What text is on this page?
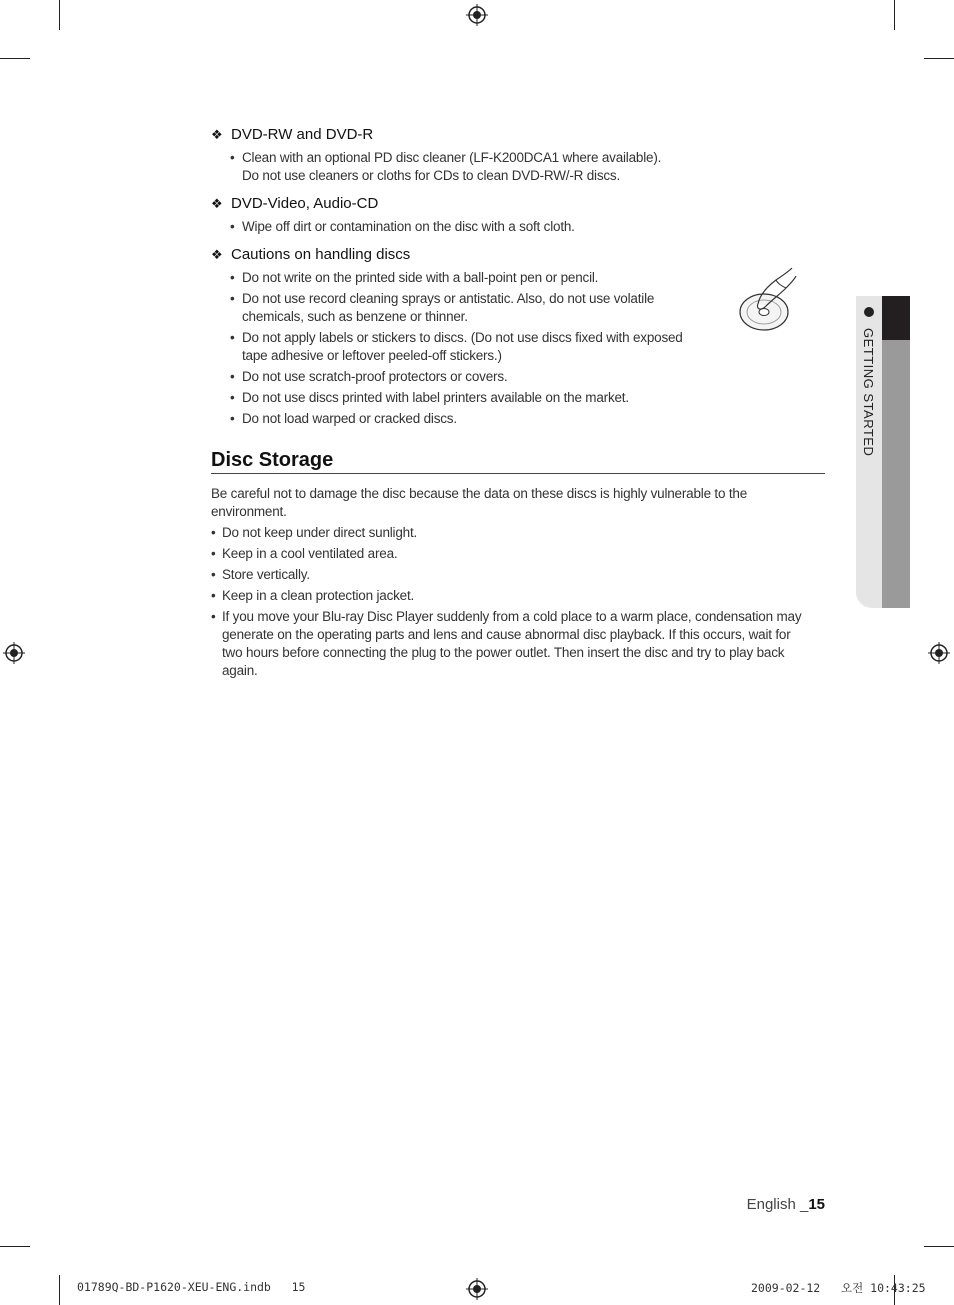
GETTING STARTED

❖ DVD-RW and DVD-R

• Clean with an optional PD disc cleaner (LF-K200DCA1 where available).
Do not use cleaners or cloths for CDs to clean DVD-RW/-R discs.

❖ DVD-Video, Audio-CD

• Wipe off dirt or contamination on the disc with a soft cloth.

❖ Cautions on handling discs

• Do not write on the printed side with a ball-point pen or pencil.
• Do not use record cleaning sprays or antistatic. Also, do not use volatile
chemicals, such as benzene or thinner.
• Do not apply labels or stickers to discs. (Do not use discs fixed with exposed
tape adhesive or leftover peeled-off stickers.)
• Do not use scratch-proof protectors or covers.
• Do not use discs printed with label printers available on the market.
• Do not load warped or cracked discs.
Disc Storage

Be careful not to damage the disc because the data on these discs is highly vulnerable to the
environment.

• Do not keep under direct sunlight.
• Keep in a cool ventilated area.
• Store vertically.
• Keep in a clean protection jacket.
• If you move your Blu-ray Disc Player suddenly from a cold place to a warm place, condensation may
generate on the operating parts and lens and cause abnormal disc playback. If this occurs, wait for
two hours before connecting the plug to the power outlet. Then insert the disc and try to play back
again.
English _15
01789Q-BD-P1620-XEU-ENG.indb   15	2009-02-12   오전 10:43:25
